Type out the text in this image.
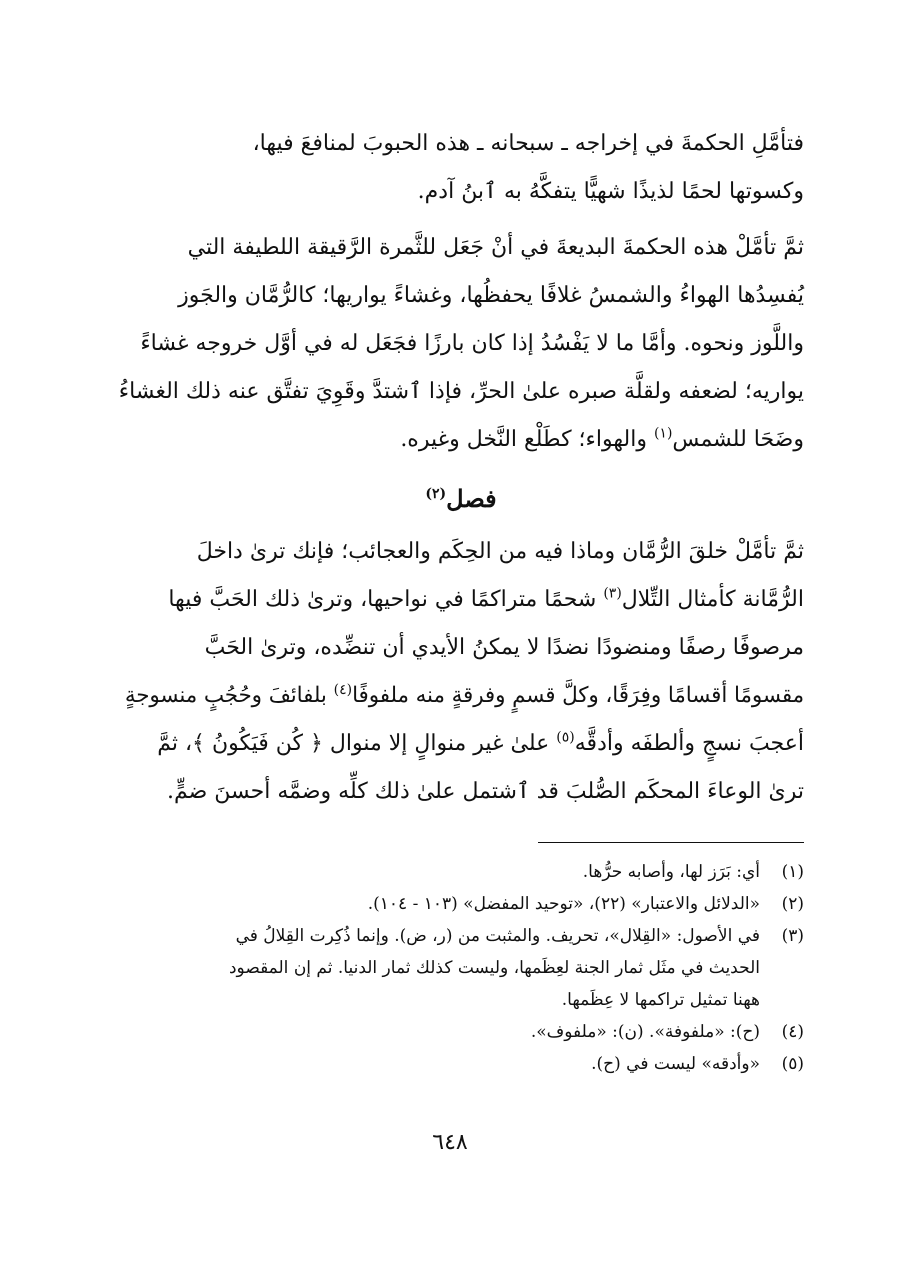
فتأمَّلِ الحكمةَ في إخراجه ـ سبحانه ـ هذه الحبوبَ لمنافعَ فيها،
وكسوتها لحمًا لذيذًا شهيًّا يتفكَّهُ به ٱبنُ آدم.

ثمَّ تأمَّلْ هذه الحكمةَ البديعةَ في أنْ جَعَل للثَّمرة الرَّقيقة اللطيفة التي
يُفسِدُها الهواءُ والشمسُ غلافًا يحفظُها، وغشاءً يواريها؛ كالرُّمَّان والجَوز
واللَّوز ونحوه. وأمَّا ما لا يَفْسُدُ إذا كان بارزًا فجَعَل له في أوَّل خروجه غشاءً
يواريه؛ لضعفه ولقلَّة صبره علىٰ الحرِّ، فإذا ٱشتدَّ وقَوِيَ تفتَّق عنه ذلك الغشاءُ
وضَحَا للشمس$^{(١)}$ والهواء؛ كطَلْع النَّخل وغيره.

فصل$^{(٢)}$

ثمَّ تأمَّلْ خلقَ الرُّمَّان وماذا فيه من الحِكَم والعجائب؛ فإنك ترىٰ داخلَ
الرُّمَّانة كأمثال التِّلال$^{(٣)}$ شحمًا متراكمًا في نواحيها، وترىٰ ذلك الحَبَّ فيها
مرصوفًا رصفًا ومنضودًا نضدًا لا يمكنُ الأيدي أن تنضِّده، وترىٰ الحَبَّ
مقسومًا أقسامًا وفِرَقًا، وكلَّ قسمٍ وفرقةٍ منه ملفوفًا$^{(٤)}$ بلفائفَ وحُجُبٍ منسوجةٍ
أعجبَ نسجٍ وألطفَه وأدقَّه$^{(٥)}$ علىٰ غير منوالٍ إلا منوال ﴿ كُن فَيَكُونُ ﴾، ثمَّ
ترىٰ الوعاءَ المحكَم الصُّلبَ قد ٱشتمل علىٰ ذلك كلِّه وضمَّه أحسنَ ضمٍّ.

(١)
أي: بَرَز لها، وأصابه حرُّها.
(٢)
«الدلائل والاعتبار» (٢٢)، «توحيد المفضل» (١٠٣ - ١٠٤).
(٣)
في الأصول: «القِلال»، تحريف. والمثبت من (ر، ض). وإنما ذُكِرت القِلالُ في
الحديث في مثَل ثمار الجنة لعِظَمها، وليست كذلك ثمار الدنيا. ثم إن المقصود
ههنا تمثيل تراكمها لا عِظَمها.
(٤)
(ح): «ملفوفة». (ن): «ملفوف».
(٥)
«وأدقه» ليست في (ح).
٦٤٨
